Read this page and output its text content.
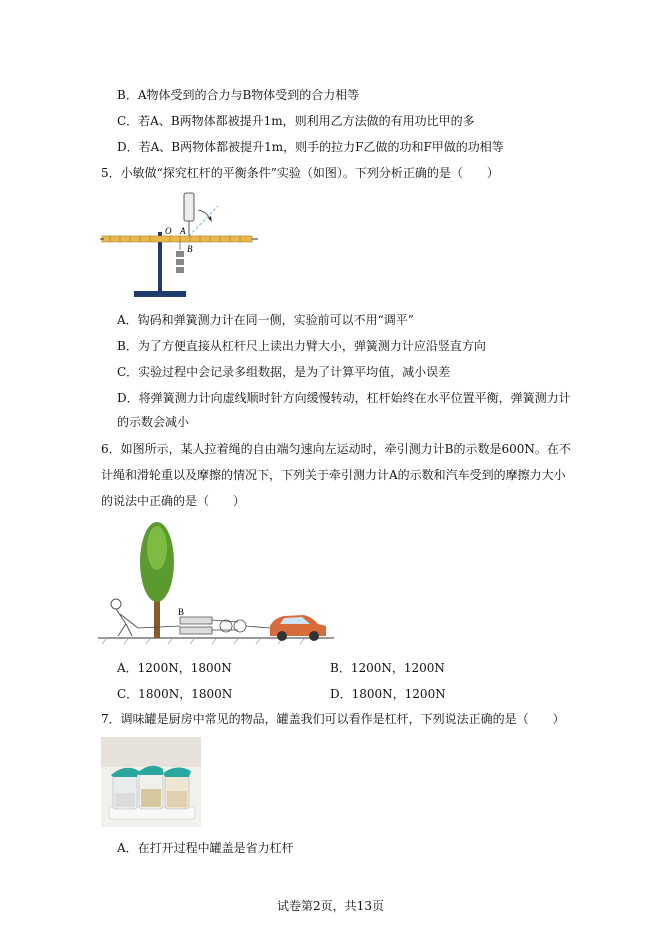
B．A物体受到的合力与B物体受到的合力相等
C．若A、B两物体都被提升1m，则利用乙方法做的有用功比甲的多
D．若A、B两物体都被提升1m，则手的拉力F乙做的功和F甲做的功相等
5．小敏做“探究杠杆的平衡条件”实验（如图）。下列分析正确的是（　　）
O A
B
A．钩码和弹簧测力计在同一侧，实验前可以不用“调平”
B．为了方便直接从杠杆尺上读出力臂大小，弹簧测力计应沿竖直方向
C．实验过程中会记录多组数据，是为了计算平均值，减小误差
D．将弹簧测力计向虚线顺时针方向缓慢转动，杠杆始终在水平位置平衡，弹簧测力计
的示数会减小
6．如图所示，某人拉着绳的自由端匀速向左运动时，牵引测力计B的示数是600N。在不
计绳和滑轮重以及摩擦的情况下，下列关于牵引测力计A的示数和汽车受到的摩擦力大小
的说法中正确的是（　　）
B
A．1200N，1800N	B．1200N，1200N
C．1800N，1800N	D．1800N，1200N
7．调味罐是厨房中常见的物品，罐盖我们可以看作是杠杆，下列说法正确的是（　　）
A．在打开过程中罐盖是省力杠杆
试卷第2页，共13页
